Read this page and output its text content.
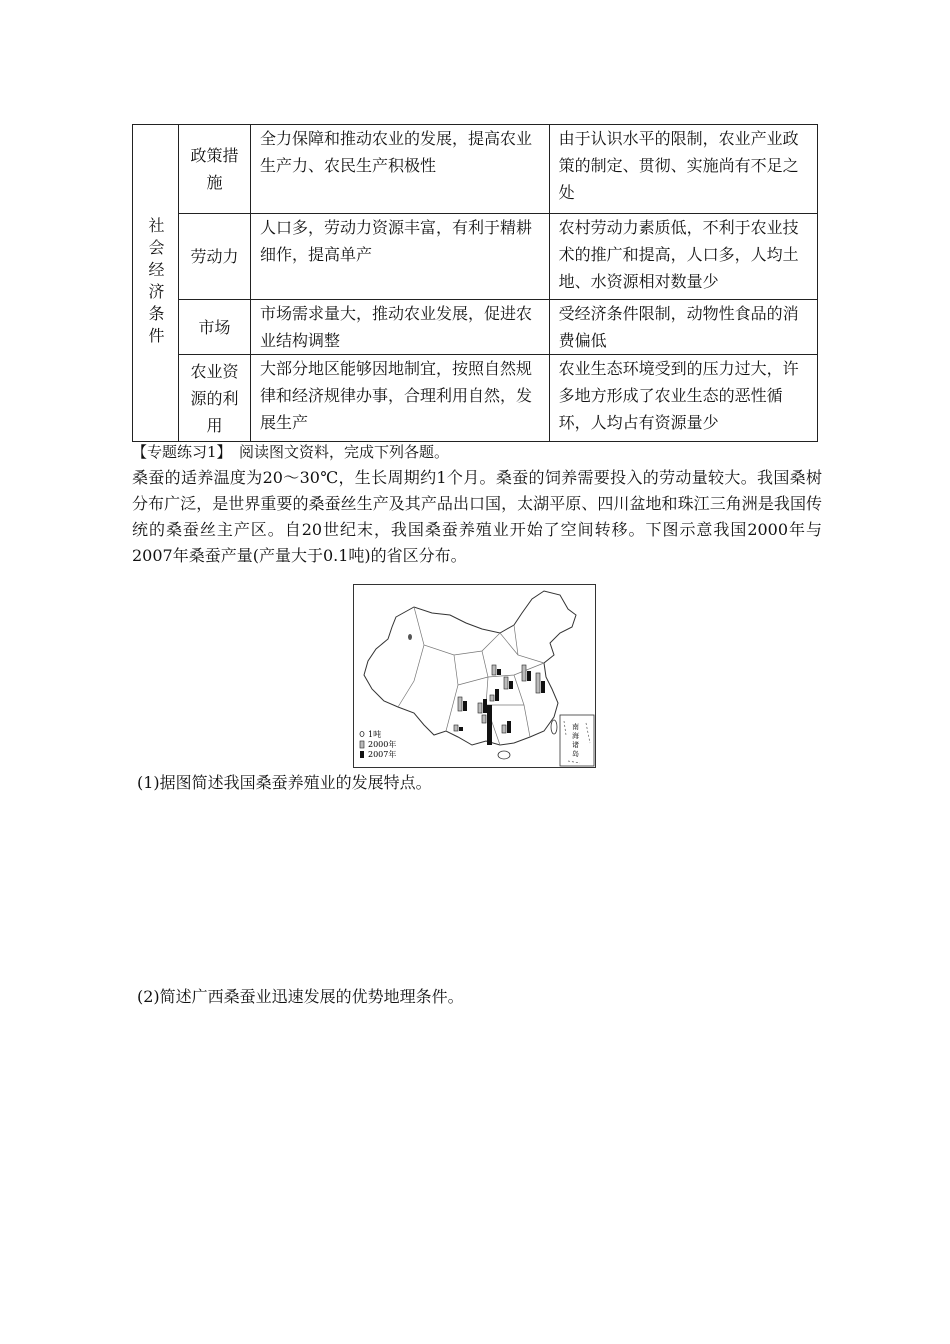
社会经济条件	政策措施	全力保障和推动农业的发展，提高农业生产力、农民生产积极性	由于认识水平的限制，农业产业政策的制定、贯彻、实施尚有不足之处
	劳动力	人口多，劳动力资源丰富，有利于精耕细作，提高单产	农村劳动力素质低，不利于农业技术的推广和提高，人口多，人均土地、水资源相对数量少
	市场	市场需求量大，推动农业发展，促进农业结构调整	受经济条件限制，动物性食品的消费偏低
	农业资源的利用	大部分地区能够因地制宜，按照自然规律和经济规律办事，合理利用自然，发展生产	农业生态环境受到的压力过大，许多地方形成了农业生态的恶性循环，人均占有资源量少
【专题练习1】　阅读图文资料，完成下列各题。
桑蚕的适养温度为20～30℃，生长周期约1个月。桑蚕的饲养需要投入的劳动量较大。我国桑树分布广泛，是世界重要的桑蚕丝生产及其产品出口国，太湖平原、四川盆地和珠江三角洲是我国传统的桑蚕丝主产区。自20世纪末，我国桑蚕养殖业开始了空间转移。下图示意我国2000年与2007年桑蚕产量(产量大于0.1吨)的省区分布。
1吨
2000年
2007年
南
海
诸
岛
(1)据图简述我国桑蚕养殖业的发展特点。
(2)简述广西桑蚕业迅速发展的优势地理条件。
